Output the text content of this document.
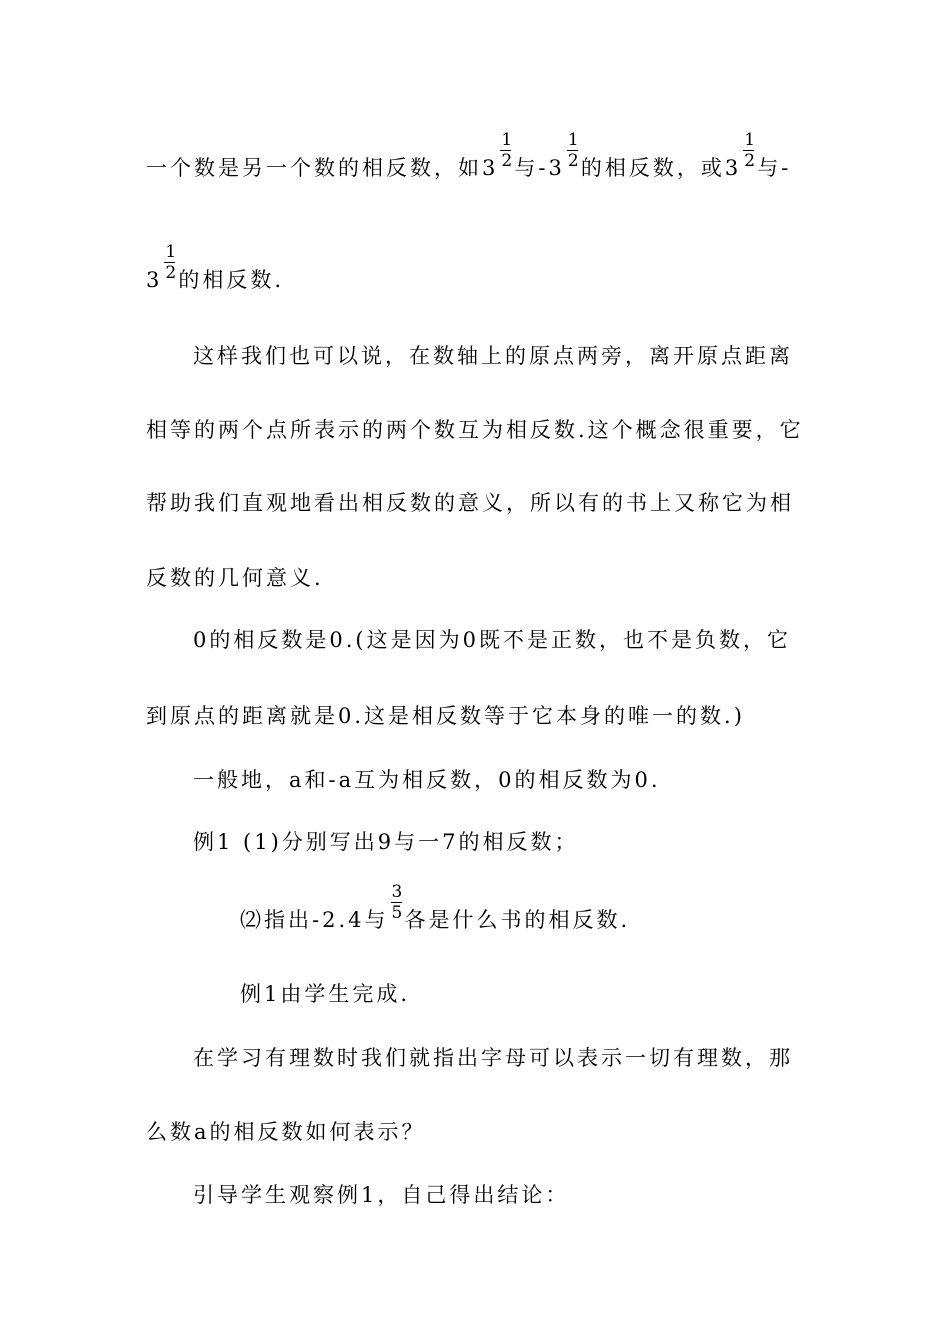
一个数是另一个数的相反数，如$3 \frac{1}{2}$ 与$-3 \frac{1}{2}$ 的相反数，或$3 \frac{1}{2}$ 与-
$3 \frac{1}{2}$ 的相反数.
这样我们也可以说，在数轴上的原点两旁，离开原点距离
相等的两个点所表示的两个数互为相反数.这个概念很重要，它
帮助我们直观地看出相反数的意义，所以有的书上又称它为相
反数的几何意义.
0的相反数是0.(这是因为0既不是正数，也不是负数，它
到原点的距离就是0.这是相反数等于它本身的唯一的数.)
一般地，a和-a互为相反数，0的相反数为0.
例1 (1)分别写出9与一7的相反数；
⑵指出-2.4与 $\frac{3}{5}$ 各是什么书的相反数.
例1由学生完成.
在学习有理数时我们就指出字母可以表示一切有理数，那
么数a的相反数如何表示？
引导学生观察例1，自己得出结论：
